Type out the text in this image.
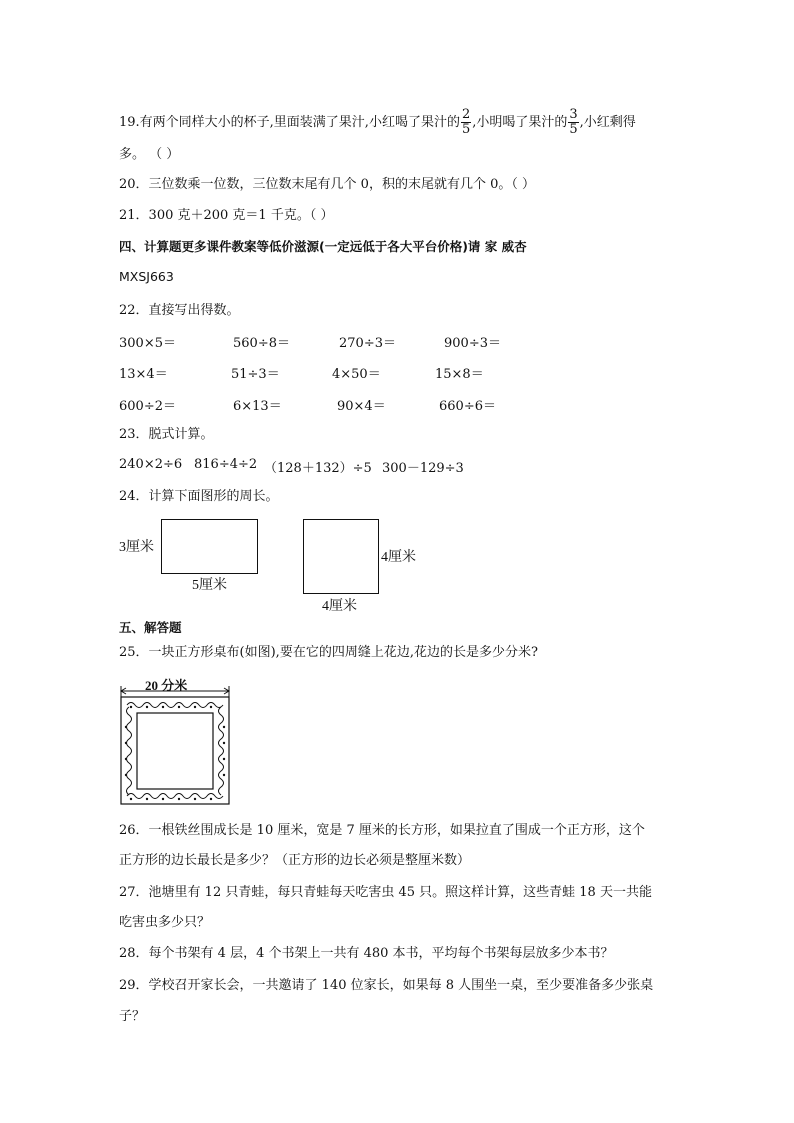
19.有两个同样大小的杯子,里面装满了果汁,小红喝了果汁的 $\frac{2}{5}$ ,小明喝了果汁的 $\frac{3}{5}$ ,小红剩得
多。 （ ）
20．三位数乘一位数，三位数末尾有几个 0，积的末尾就有几个 0。（ ）
21．300 克＋200 克＝1 千克。（ ）
四、计算题更多课件教案等低价滋源(一定远低于各大平台价格)请 家 威杏
MXSJ663
22．直接写出得数。
300×5＝	560÷8＝	270÷3＝	900÷3＝
13×4＝	51÷3＝	4×50＝	15×8＝
600÷2＝	6×13＝	90×4＝	660÷6＝
23．脱式计算。
240×2÷6 816÷4÷2 （128＋132）÷5 300－129÷3
24．计算下面图形的周长。
3厘米
5厘米
4厘米
4厘米
五、解答题
25．一块正方形桌布(如图),要在它的四周缝上花边,花边的长是多少分米?
20 分米
26．一根铁丝围成长是 10 厘米，宽是 7 厘米的长方形，如果拉直了围成一个正方形，这个
正方形的边长最长是多少？（正方形的边长必须是整厘米数）
27．池塘里有 12 只青蛙，每只青蛙每天吃害虫 45 只。照这样计算，这些青蛙 18 天一共能
吃害虫多少只？
28．每个书架有 4 层，4 个书架上一共有 480 本书，平均每个书架每层放多少本书？
29．学校召开家长会，一共邀请了 140 位家长，如果每 8 人围坐一桌，至少要准备多少张桌
子？
